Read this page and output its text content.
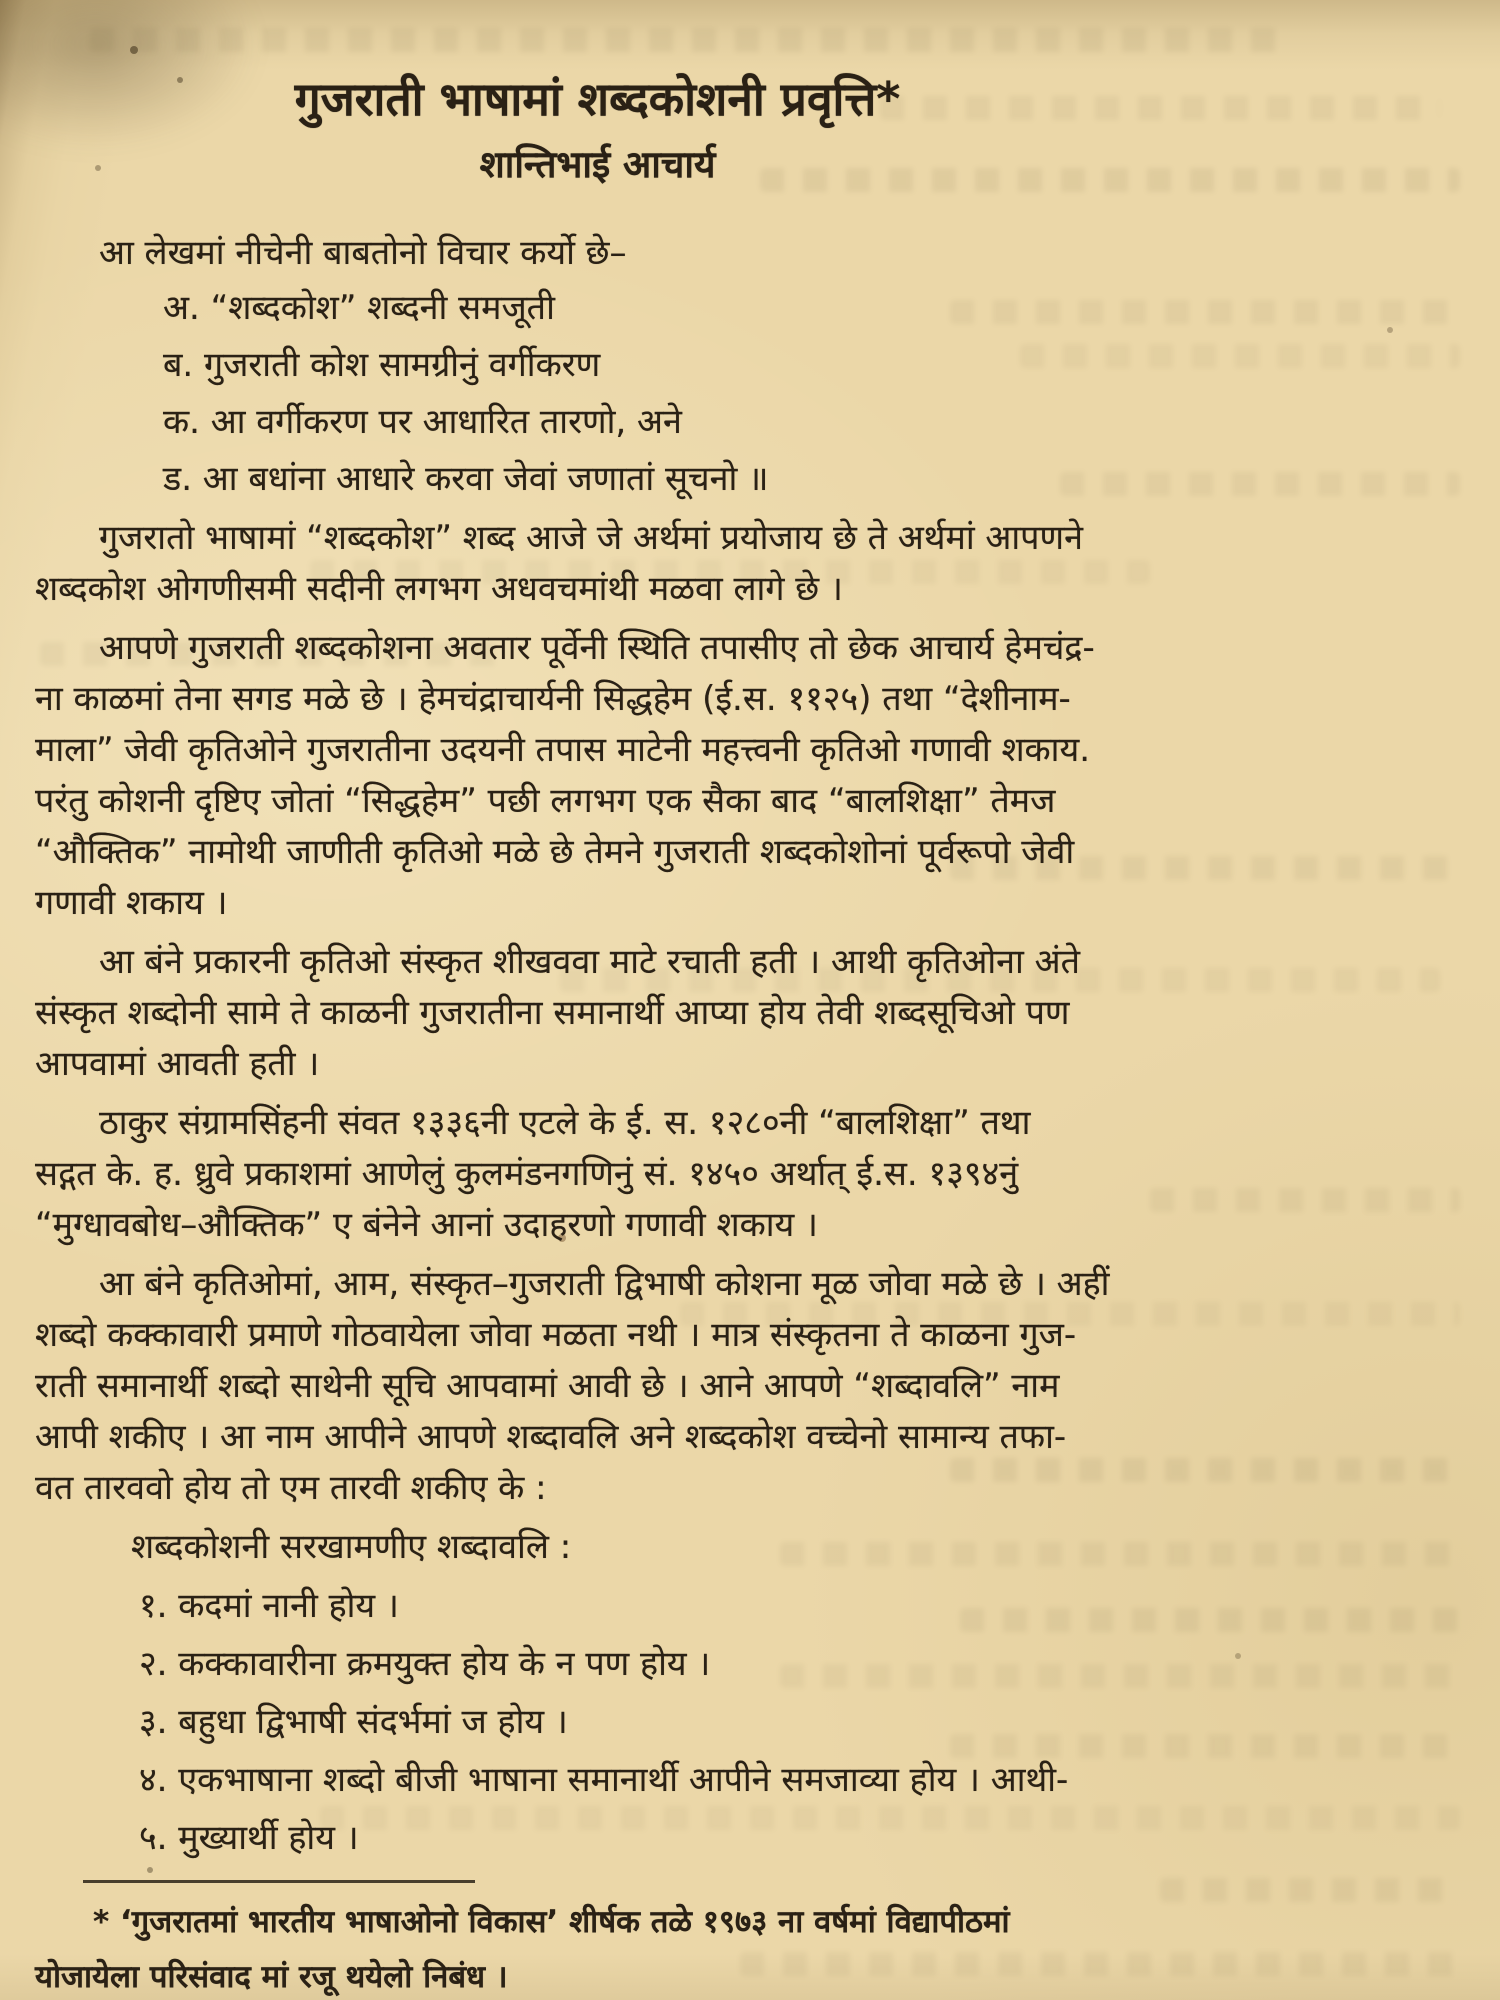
गुजराती भाषामां शब्दकोशनी प्रवृत्ति*
शान्तिभाई आचार्य

आ लेखमां नीचेनी बाबतोनो विचार कर्यो छे–

अ. “शब्दकोश” शब्दनी समजूती

ब. गुजराती कोश सामग्रीनुं वर्गीकरण

क. आ वर्गीकरण पर आधारित तारणो, अने

ड. आ बधांना आधारे करवा जेवां जणातां सूचनो ॥

गुजरातो भाषामां “शब्दकोश” शब्द आजे जे अर्थमां प्रयोजाय छे ते अर्थमां आपणने

शब्दकोश ओगणीसमी सदीनी लगभग अधवचमांथी मळवा लागे छे ।

आपणे गुजराती शब्दकोशना अवतार पूर्वेनी स्थिति तपासीए तो छेक आचार्य हेमचंद्र-

ना काळमां तेना सगड मळे छे । हेमचंद्राचार्यनी सिद्धहेम (ई.स. ११२५) तथा “देशीनाम-

माला” जेवी कृतिओने गुजरातीना उदयनी तपास माटेनी महत्त्वनी कृतिओ गणावी शकाय.

परंतु कोशनी दृष्टिए जोतां “सिद्धहेम” पछी लगभग एक सैका बाद “बालशिक्षा” तेमज

“औक्तिक” नामोथी जाणीती कृतिओ मळे छे तेमने गुजराती शब्दकोशोनां पूर्वरूपो जेवी

गणावी शकाय ।

आ बंने प्रकारनी कृतिओ संस्कृत शीखववा माटे रचाती हती । आथी कृतिओना अंते

संस्कृत शब्दोनी सामे ते काळनी गुजरातीना समानार्थी आप्या होय तेवी शब्दसूचिओ पण

आपवामां आवती हती ।

ठाकुर संग्रामसिंहनी संवत १३३६नी एटले के ई. स. १२८०नी “बालशिक्षा” तथा

सद्गत के. ह. ध्रुवे प्रकाशमां आणेलुं कुलमंडनगणिनुं सं. १४५० अर्थात् ई.स. १३९४नुं

“मुग्धावबोध–औक्तिक” ए बंनेने आनां उदाहरणो गणावी शकाय ।

आ बंने कृतिओमां, आम, संस्कृत–गुजराती द्विभाषी कोशना मूळ जोवा मळे छे । अहीं

शब्दो कक्कावारी प्रमाणे गोठवायेला जोवा मळता नथी । मात्र संस्कृतना ते काळना गुज-

राती समानार्थी शब्दो साथेनी सूचि आपवामां आवी छे । आने आपणे “शब्दावलि” नाम

आपी शकीए । आ नाम आपीने आपणे शब्दावलि अने शब्दकोश वच्चेनो सामान्य तफा-

वत तारववो होय तो एम तारवी शकीए के :

शब्दकोशनी सरखामणीए शब्दावलि :

१. कदमां नानी होय ।

२. कक्कावारीना क्रमयुक्त होय के न पण होय ।

३. बहुधा द्विभाषी संदर्भमां ज होय ।

४. एकभाषाना शब्दो बीजी भाषाना समानार्थी आपीने समजाव्या होय । आथी-

५. मुख्यार्थी होय ।

* ‘गुजरातमां भारतीय भाषाओनो विकास’ शीर्षक तळे १९७३ ना वर्षमां विद्यापीठमां

योजायेला परिसंवाद मां रजू थयेलो निबंध ।
